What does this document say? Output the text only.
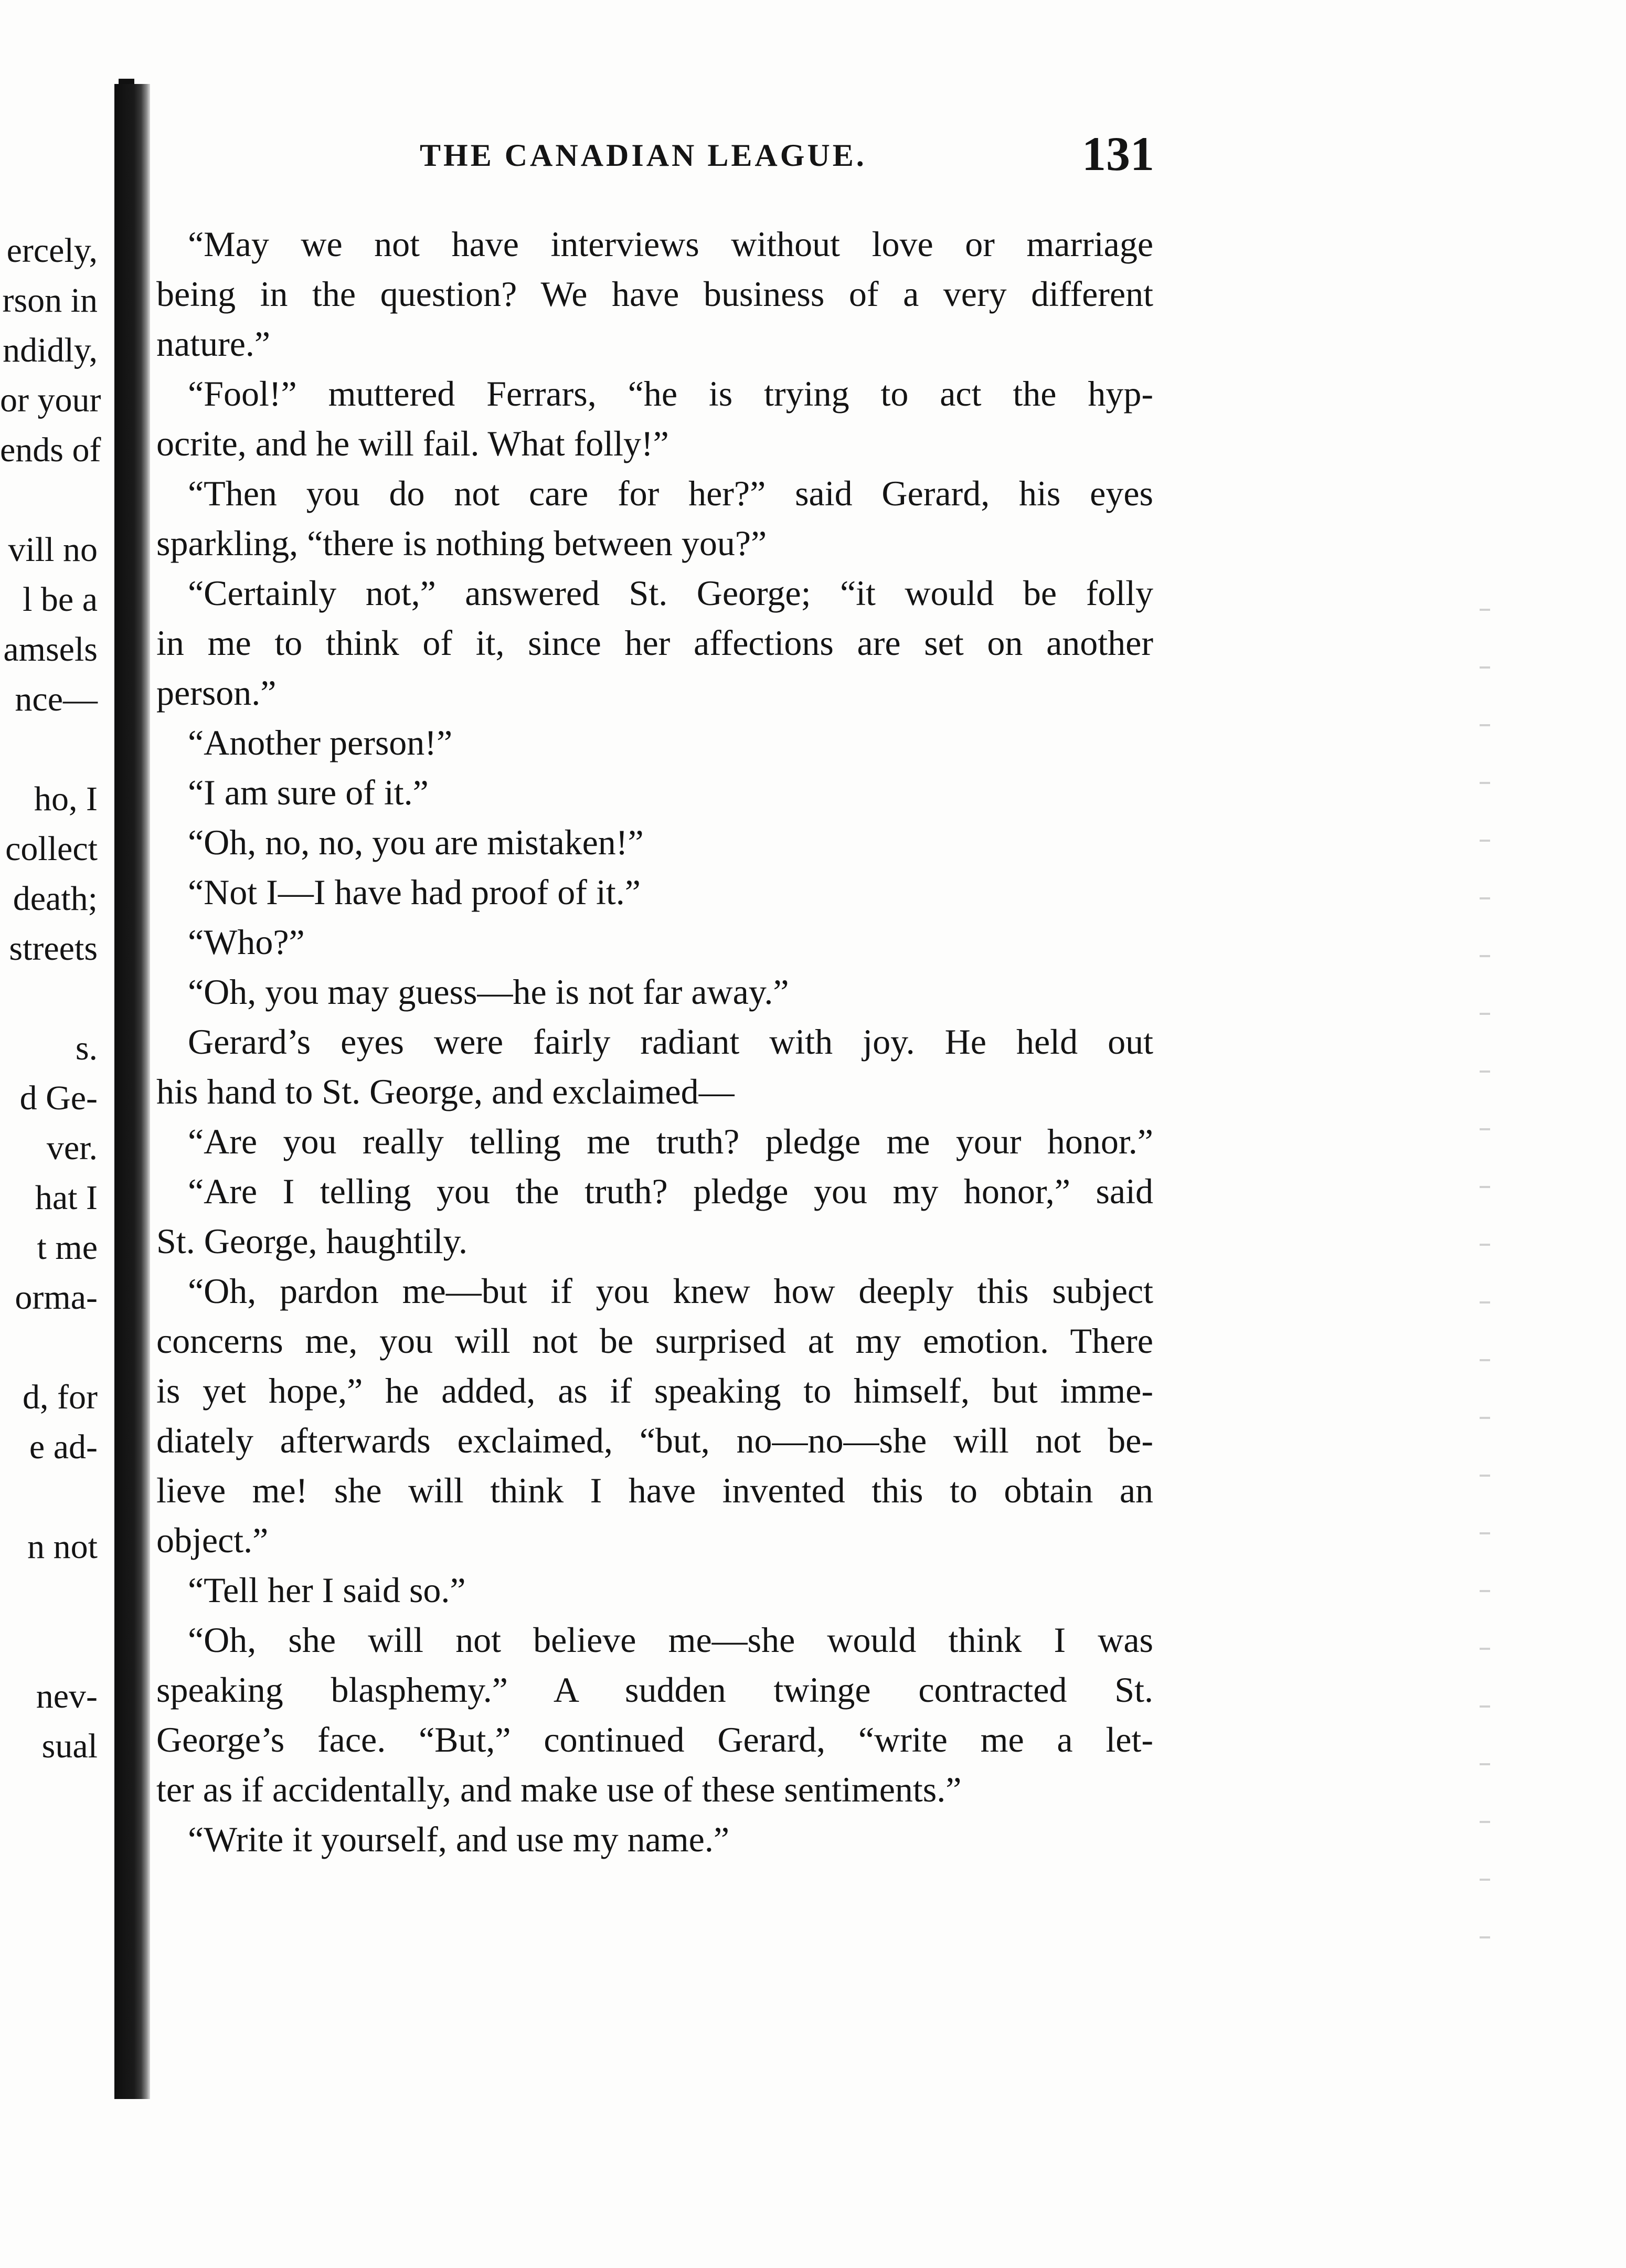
ercely,
rson in
ndidly,
or your
ends of
vill no
l be a
amsels
nce—
ho, I
collect
death;
streets
s.
d Ge-
ver.
hat I
t me
orma-
d, for
e ad-
n not
nev-
sual
THE CANADIAN LEAGUE.	131
“May we not have interviews without love or marriage
being in the question? We have business of a very different
nature.”
“Fool!” muttered Ferrars, “he is trying to act the hyp-
ocrite, and he will fail. What folly!”
“Then you do not care for her?” said Gerard, his eyes
sparkling, “there is nothing between you?”
“Certainly not,” answered St. George; “it would be folly
in me to think of it, since her affections are set on another
person.”
“Another person!”
“I am sure of it.”
“Oh, no, no, you are mistaken!”
“Not I—I have had proof of it.”
“Who?”
“Oh, you may guess—he is not far away.”
Gerard’s eyes were fairly radiant with joy. He held out
his hand to St. George, and exclaimed—
“Are you really telling me truth? pledge me your honor.”
“Are I telling you the truth? pledge you my honor,” said
St. George, haughtily.
“Oh, pardon me—but if you knew how deeply this subject
concerns me, you will not be surprised at my emotion. There
is yet hope,” he added, as if speaking to himself, but imme-
diately afterwards exclaimed, “but, no—no—she will not be-
lieve me! she will think I have invented this to obtain an
object.”
“Tell her I said so.”
“Oh, she will not believe me—she would think I was
speaking blasphemy.” A sudden twinge contracted St.
George’s face. “But,” continued Gerard, “write me a let-
ter as if accidentally, and make use of these sentiments.”
“Write it yourself, and use my name.”
